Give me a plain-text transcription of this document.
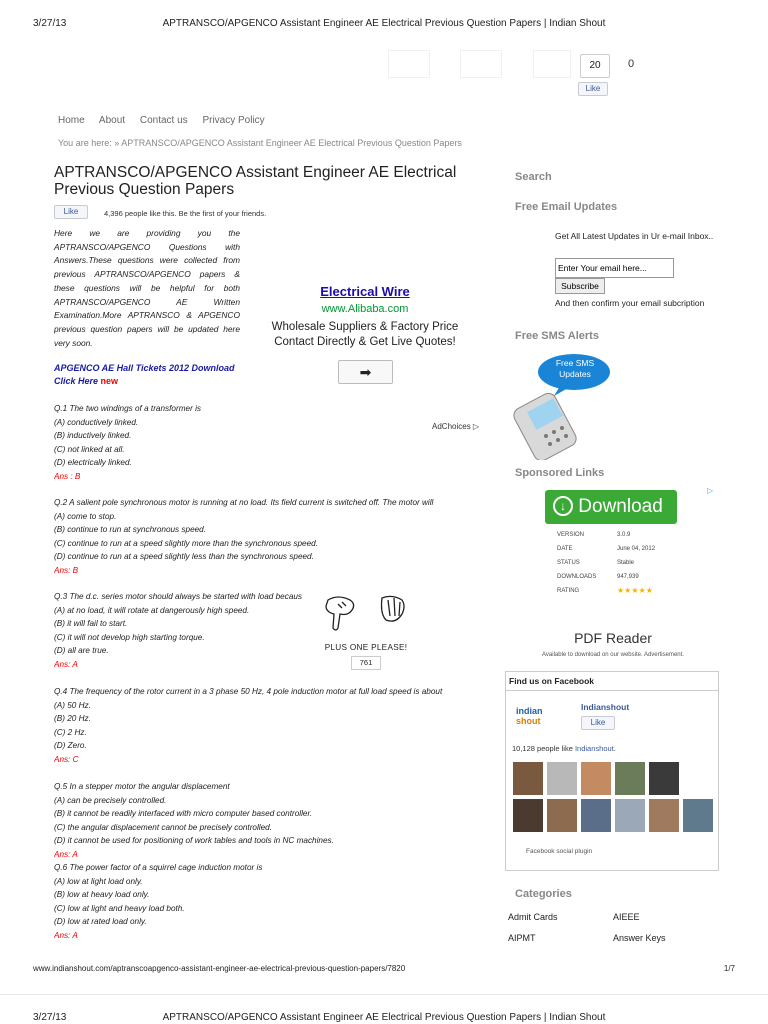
3/27/13	APTRANSCO/APGENCO Assistant Engineer AE Electrical Previous Question Papers | Indian Shout
20
Like
0
Home About Contact us Privacy Policy
You are here: » APTRANSCO/APGENCO Assistant Engineer AE Electrical Previous Question Papers
APTRANSCO/APGENCO Assistant Engineer AE Electrical Previous Question Papers
Like	4,396 people like this. Be the first of your friends.
Here we are providing you the APTRANSCO/APGENCO Questions with Answers.These questions were collected from previous APTRANSCO/APGENCO papers & these questions will be helpful for both APTRANSCO/APGENCO AE Written Examination.More APTRANSCO & APGENCO previous question papers will be updated here very soon.
APGENCO AE Hall Tickets 2012 Download
Click Here new
Electrical Wire
www.Alibaba.com
Wholesale Suppliers & Factory Price Contact Directly & Get Live Quotes!
➡
AdChoices ▷
Q.1 The two windings of a transformer is
(A) conductively linked.
(B) inductively linked.
(C) not linked at all.
(D) electrically linked.
Ans : B
Q.2 A salient pole synchronous motor is running at no load. Its field current is switched off. The motor will
(A) come to stop.
(B) continue to run at synchronous speed.
(C) continue to run at a speed slightly more than the synchronous speed.
(D) continue to run at a speed slightly less than the synchronous speed.
Ans: B
Q.3 The d.c. series motor should always be started with load becaus
(A) at no load, it will rotate at dangerously high speed.
(B) it will fail to start.
(C) it will not develop high starting torque.
(D) all are true.
Ans: A
Q.4 The frequency of the rotor current in a 3 phase 50 Hz, 4 pole induction motor at full load speed is about
(A) 50 Hz.
(B) 20 Hz.
(C) 2 Hz.
(D) Zero.
Ans: C
Q.5 In a stepper motor the angular displacement
(A) can be precisely controlled.
(B) it cannot be readily interfaced with micro computer based controller.
(C) the angular displacement cannot be precisely controlled.
(D) it cannot be used for positioning of work tables and tools in NC machines.
Ans: A
Q.6 The power factor of a squirrel cage induction motor is
(A) low at light load only.
(B) low at heavy load only.
(C) low at light and heavy load both.
(D) low at rated load only.
Ans: A
PLUS ONE PLEASE!
761
Search
Free Email Updates
Get All Latest Updates in Ur e-mail Inbox..
Enter Your email here...
Subscribe
And then confirm your email subcription
Free SMS Alerts
Free SMS Updates
Sponsored Links
▷
↓ Download
VERSION	3.0.9
DATE	June 04, 2012
STATUS	Stable
DOWNLOADS	947,939
RATING	★★★★★
PDF Reader
Available to download on our website. Advertisement.
Find us on Facebook
indian
shout
Indianshout
Like
10,128 people like Indianshout.
Facebook social plugin
Categories
Admit Cards	AIEEE
AIPMT	Answer Keys
www.indianshout.com/aptranscoapgenco-assistant-engineer-ae-electrical-previous-question-papers/7820	1/7
3/27/13	APTRANSCO/APGENCO Assistant Engineer AE Electrical Previous Question Papers | Indian Shout
